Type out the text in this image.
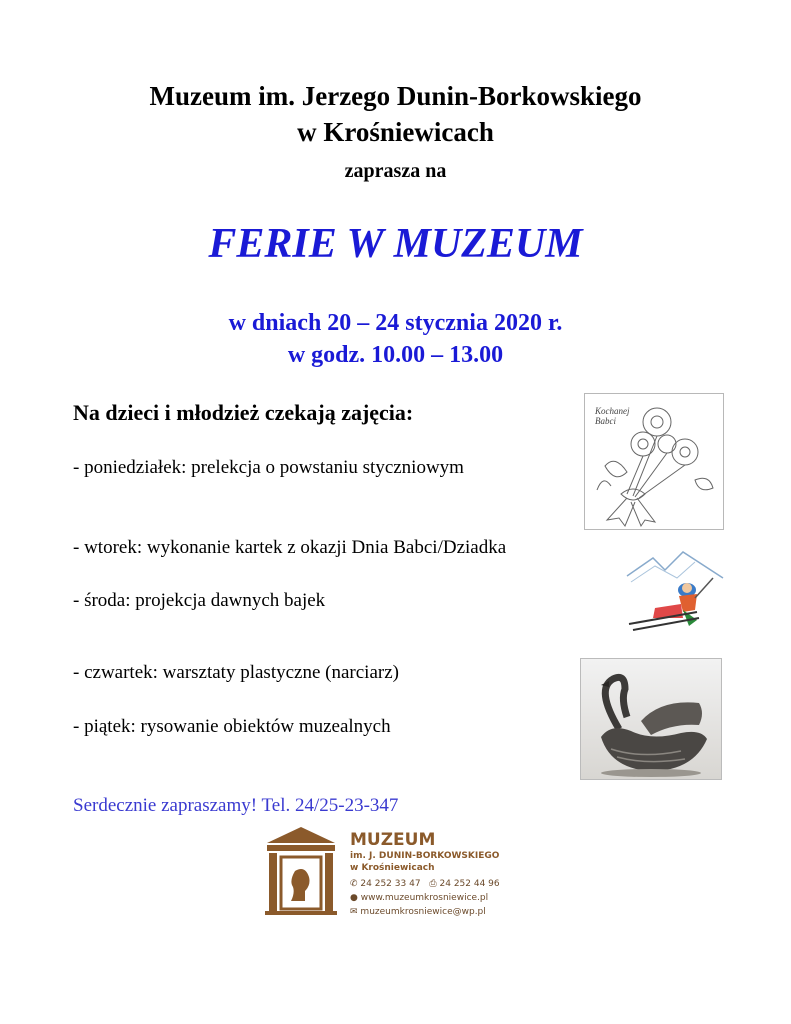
Muzeum im. Jerzego Dunin-Borkowskiego
w Krośniewicach
zaprasza na
FERIE W MUZEUM
w dniach 20 – 24 stycznia 2020 r.
w godz. 10.00 – 13.00
Na dzieci i młodzież czekają zajęcia:
- poniedziałek: prelekcja o powstaniu styczniowym
- wtorek: wykonanie kartek z okazji Dnia Babci/Dziadka
- środa: projekcja dawnych bajek
- czwartek: warsztaty plastyczne (narciarz)
- piątek: rysowanie obiektów muzealnych
Kochanej Babci
Serdecznie zapraszamy! Tel. 24/25-23-347
MUZEUM
im. J. DUNIN-BORKOWSKIEGO
w Krośniewicach
✆ 24 252 33 47 ⎙ 24 252 44 96
● www.muzeumkrosniewice.pl
✉ muzeumkrosniewice@wp.pl
